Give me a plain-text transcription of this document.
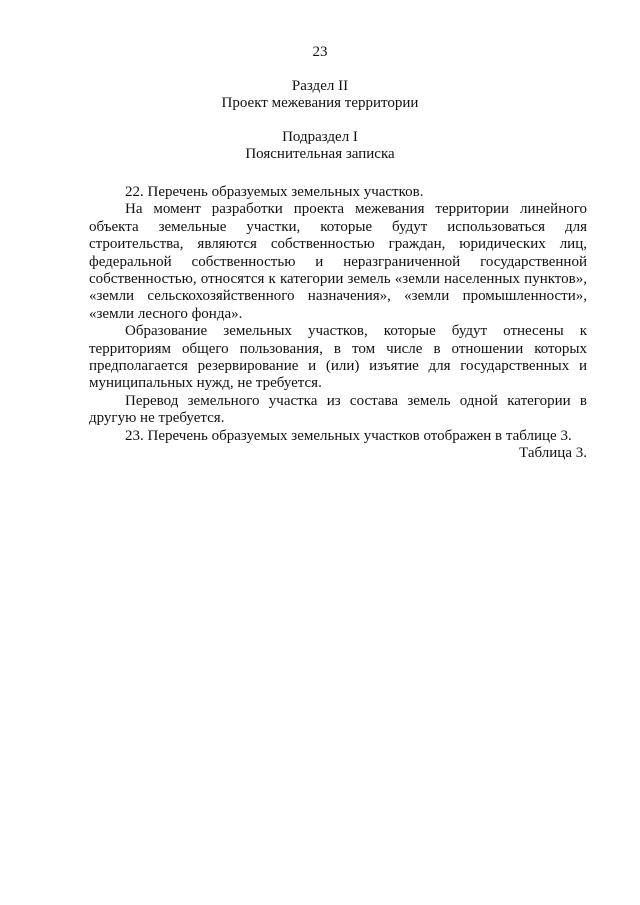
23
Раздел II
Проект межевания территории
Подраздел I
Пояснительная записка

22. Перечень образуемых земельных участков.

На момент разработки проекта межевания территории линейного объекта земельные участки, которые будут использоваться для строительства, являются собственностью граждан, юридических лиц, федеральной собственностью и неразграниченной государственной собственностью, относятся к категории земель «земли населенных пунктов», «земли сельскохозяйственного назначения», «земли промышленности», «земли лесного фонда».

Образование земельных участков, которые будут отнесены к территориям общего пользования, в том числе в отношении которых предполагается резервирование и (или) изъятие для государственных и муниципальных нужд, не требуется.

Перевод земельного участка из состава земель одной категории в другую не требуется.

23. Перечень образуемых земельных участков отображен в таблице 3.

Таблица 3.
